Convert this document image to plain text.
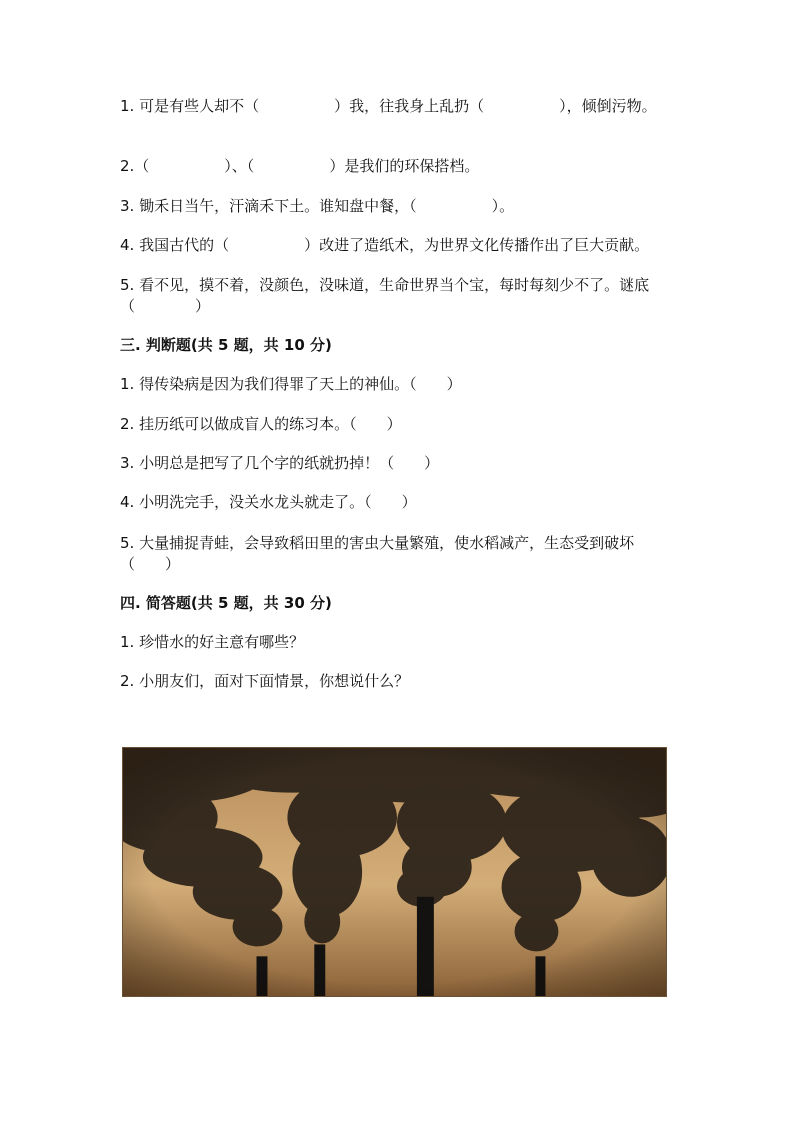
1. 可是有些人却不（　　　　　）我，往我身上乱扔（　　　　　），倾倒污物。
2.（　　　　　）、（　　　　　）是我们的环保搭档。
3. 锄禾日当午，汗滴禾下土。谁知盘中餐，（　　　　　）。
4. 我国古代的（　　　　　）改进了造纸术，为世界文化传播作出了巨大贡献。
5. 看不见，摸不着，没颜色，没味道，生命世界当个宝，每时每刻少不了。谜底（　　　　）
三. 判断题(共 5 题，共 10 分)
1. 得传染病是因为我们得罪了天上的神仙。（　　）
2. 挂历纸可以做成盲人的练习本。（　　）
3. 小明总是把写了几个字的纸就扔掉！（　　）
4. 小明洗完手，没关水龙头就走了。（　　）
5. 大量捕捉青蛙，会导致稻田里的害虫大量繁殖，使水稻减产，生态受到破坏（　　）
四. 简答题(共 5 题，共 30 分)
1. 珍惜水的好主意有哪些？
2. 小朋友们，面对下面情景，你想说什么？
